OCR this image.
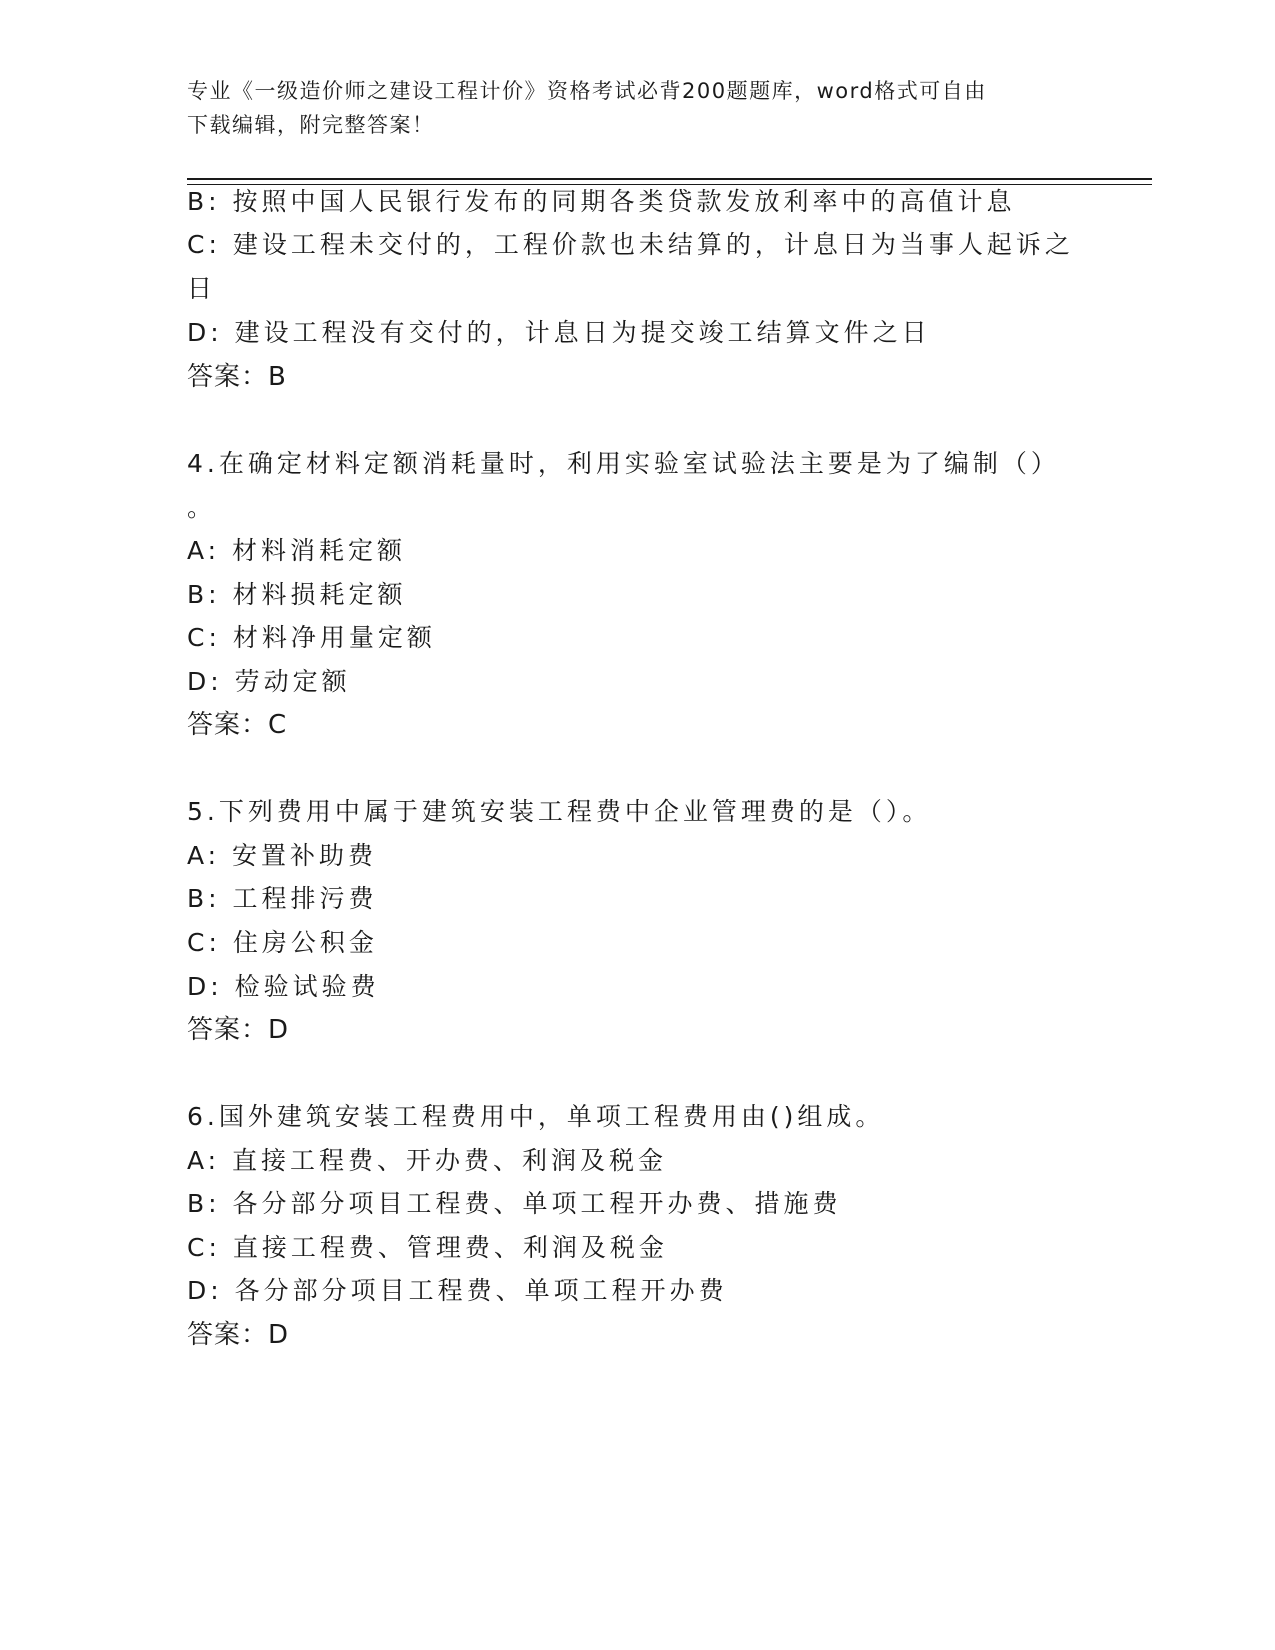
专业《一级造价师之建设工程计价》资格考试必背200题题库，word格式可自由
下载编辑，附完整答案！
B: 按照中国人民银行发布的同期各类贷款发放利率中的高值计息
C: 建设工程未交付的，工程价款也未结算的，计息日为当事人起诉之
日
D: 建设工程没有交付的，计息日为提交竣工结算文件之日
答案：B
4.在确定材料定额消耗量时，利用实验室试验法主要是为了编制（）
。
A: 材料消耗定额
B: 材料损耗定额
C: 材料净用量定额
D: 劳动定额
答案：C
5.下列费用中属于建筑安装工程费中企业管理费的是（）。
A: 安置补助费
B: 工程排污费
C: 住房公积金
D: 检验试验费
答案：D
6.国外建筑安装工程费用中，单项工程费用由()组成。
A: 直接工程费、开办费、利润及税金
B: 各分部分项目工程费、单项工程开办费、措施费
C: 直接工程费、管理费、利润及税金
D: 各分部分项目工程费、单项工程开办费
答案：D
